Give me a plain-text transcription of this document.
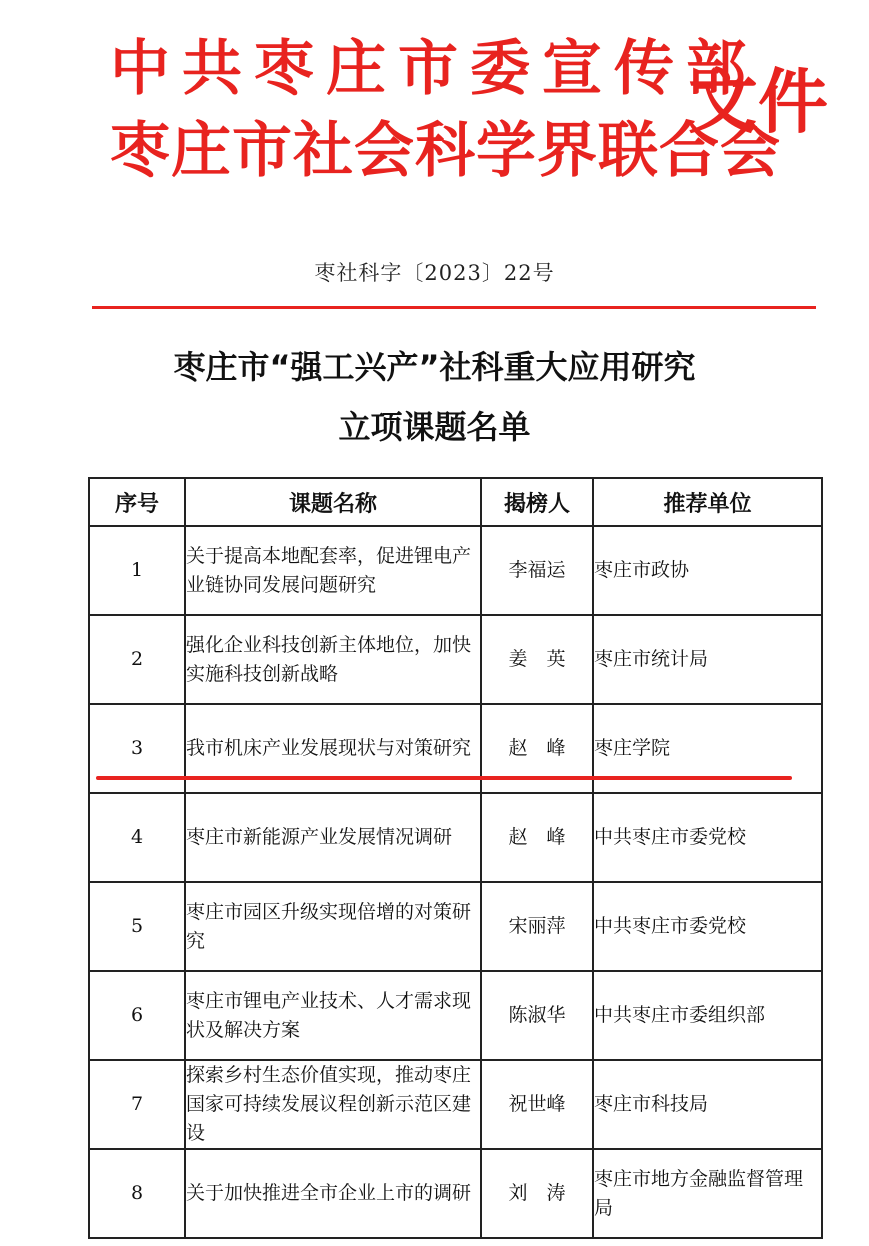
中共枣庄市委宣传部
枣庄市社会科学界联合会
文件
枣社科字〔2023〕22号
枣庄市“强工兴产”社科重大应用研究
立项课题名单
序号	课题名称	揭榜人	推荐单位
1	关于提高本地配套率，促进锂电产业链协同发展问题研究	李福运	枣庄市政协
2	强化企业科技创新主体地位，加快实施科技创新战略	姜　英	枣庄市统计局
3	我市机床产业发展现状与对策研究	赵　峰	枣庄学院
4	枣庄市新能源产业发展情况调研	赵　峰	中共枣庄市委党校
5	枣庄市园区升级实现倍增的对策研究	宋丽萍	中共枣庄市委党校
6	枣庄市锂电产业技术、人才需求现状及解决方案	陈淑华	中共枣庄市委组织部
7	探索乡村生态价值实现，推动枣庄国家可持续发展议程创新示范区建设	祝世峰	枣庄市科技局
8	关于加快推进全市企业上市的调研	刘　涛	枣庄市地方金融监督管理局
